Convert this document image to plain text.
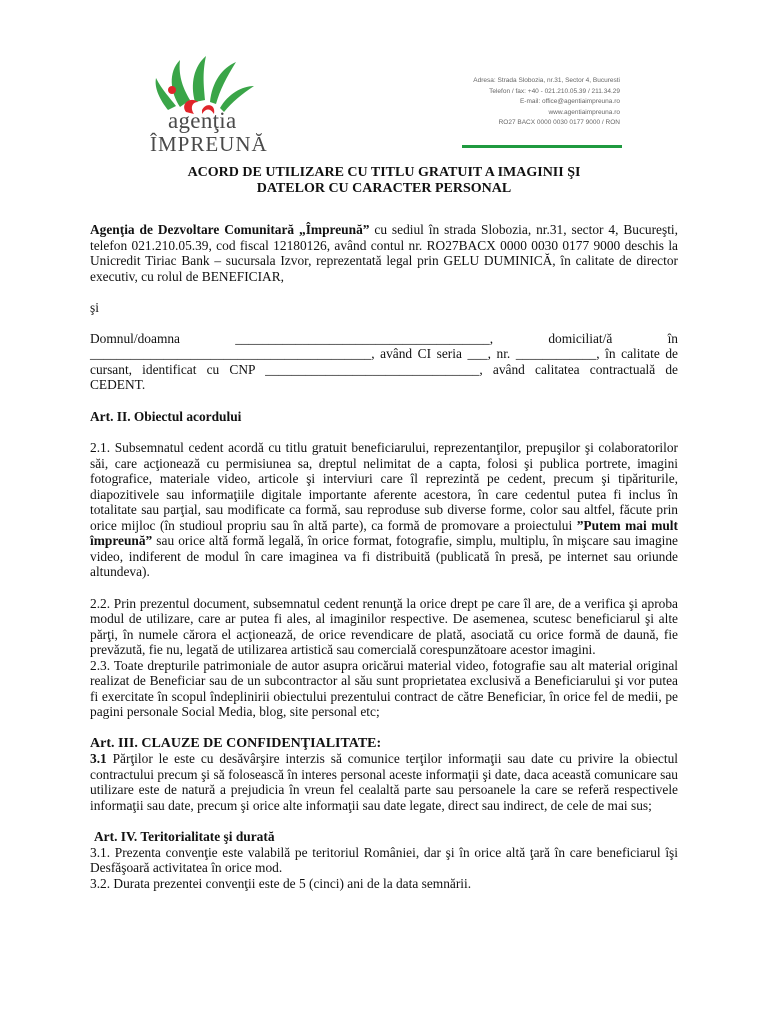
agenţia
ÎMPREUNĂ
Adresa: Strada Slobozia, nr.31, Sector 4, Bucuresti
Telefon / fax: +40 - 021.210.05.39 / 211.34.29
E-mail: office@agentiaimpreuna.ro
www.agentiaimpreuna.ro
RO27 BACX 0000 0030 0177 9000 / RON
ACORD DE UTILIZARE CU TITLU GRATUIT A IMAGINII ŞI
DATELOR CU CARACTER PERSONAL

Agenţia de Dezvoltare Comunitară „Împreună” cu sediul în strada Slobozia, nr.31, sector 4, Bucureşti, telefon 021.210.05.39, cod fiscal 12180126, având contul nr. RO27BACX 0000 0030 0177 9000 deschis la Unicredit Tiriac Bank – sucursala Izvor, reprezentată legal prin GELU DUMINICĂ, în calitate de director executiv, cu rolul de BENEFICIAR,

şi

Domnul/doamna	______________________________________,	domiciliat/ă	în

__________________________________________, având CI seria ___, nr. ____________, în calitate de cursant, identificat cu CNP ________________________________, având calitatea contractuală de CEDENT.

Art. II. Obiectul acordului

2.1. Subsemnatul cedent acordă cu titlu gratuit beneficiarului, reprezentanţilor, prepuşilor şi colaboratorilor săi, care acţionează cu permisiunea sa, dreptul nelimitat de a capta, folosi şi publica portrete, imagini fotografice, materiale video, articole şi interviuri care îl reprezintă pe cedent, precum şi tipăriturile, diapozitivele sau informaţiile digitale importante aferente acestora, în care cedentul putea fi inclus în totalitate sau parţial, sau modificate ca formă, sau reproduse sub diverse forme, color sau altfel, făcute prin orice mijloc (în studioul propriu sau în altă parte), ca formă de promovare a proiectului ”Putem mai mult împreună” sau orice altă formă legală, în orice format, fotografie, simplu, multiplu, în mişcare sau imagine video, indiferent de modul în care imaginea va fi distribuită (publicată în presă, pe internet sau oriunde altundeva).

2.2. Prin prezentul document, subsemnatul cedent renunţă la orice drept pe care îl are, de a verifica şi aproba modul de utilizare, care ar putea fi ales, al imaginilor respective. De asemenea, scutesc beneficiarul şi alte părţi, în numele cărora el acţionează, de orice revendicare de plată, asociată cu orice formă de daună, fie prevăzută, fie nu, legată de utilizarea artistică sau comercială corespunzătoare acestor imagini.

2.3. Toate drepturile patrimoniale de autor asupra oricărui material video, fotografie sau alt material original realizat de Beneficiar sau de un subcontractor al său sunt proprietatea exclusivă a Beneficiarului şi vor putea fi exercitate în scopul îndeplinirii obiectului prezentului contract de către Beneficiar, în orice fel de medii, pe pagini personale Social Media, blog, site personal etc;

Art. III. CLAUZE DE CONFIDENŢIALITATE:

3.1 Părţilor le este cu desăvârşire interzis să comunice terţilor informaţii sau date cu privire la obiectul contractului precum şi să folosească în interes personal aceste informaţii şi date, daca această comunicare sau utilizare este de natură a prejudicia în vreun fel cealaltă parte sau persoanele la care se referă respectivele informaţii sau date, precum şi orice alte informaţii sau date legate, direct sau indirect, de cele de mai sus;

Art. IV. Teritorialitate şi durată

3.1. Prezenta convenţie este valabilă pe teritoriul României, dar şi în orice altă ţară în care beneficiarul îşi Desfăşoară activitatea în orice mod.

3.2. Durata prezentei convenţii este de 5 (cinci) ani de la data semnării.
